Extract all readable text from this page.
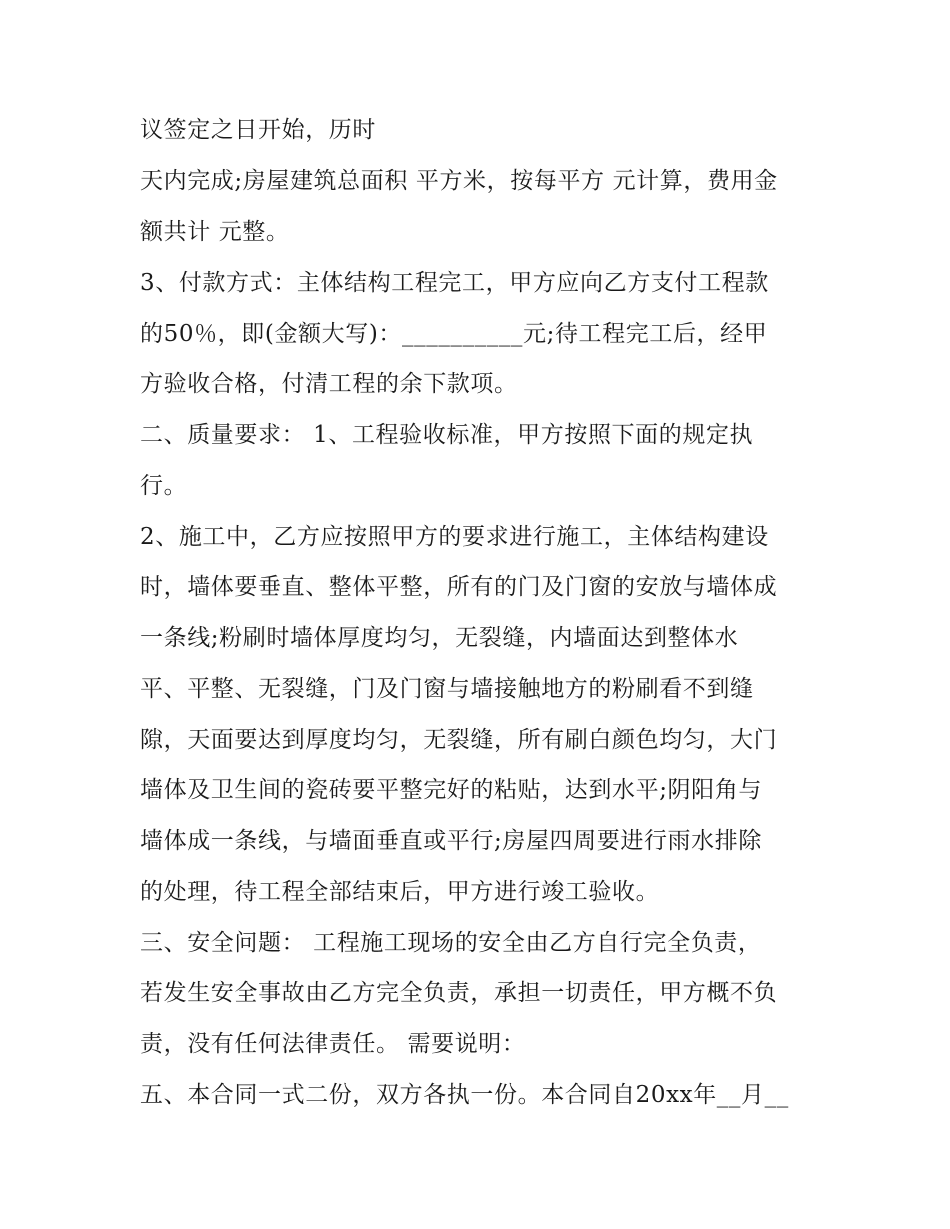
议签定之日开始，历时
天内完成;房屋建筑总面积 平方米，按每平方 元计算，费用金
额共计 元整。
3、付款方式：主体结构工程完工，甲方应向乙方支付工程款
的50％，即(金额大写)：__________元;待工程完工后，经甲
方验收合格，付清工程的余下款项。
二、质量要求： 1、工程验收标准，甲方按照下面的规定执
行。
2、施工中，乙方应按照甲方的要求进行施工，主体结构建设
时，墙体要垂直、整体平整，所有的门及门窗的安放与墙体成
一条线;粉刷时墙体厚度均匀，无裂缝，内墙面达到整体水
平、平整、无裂缝，门及门窗与墙接触地方的粉刷看不到缝
隙，天面要达到厚度均匀，无裂缝，所有刷白颜色均匀，大门
墙体及卫生间的瓷砖要平整完好的粘贴，达到水平;阴阳角与
墙体成一条线，与墙面垂直或平行;房屋四周要进行雨水排除
的处理，待工程全部结束后，甲方进行竣工验收。
三、安全问题： 工程施工现场的安全由乙方自行完全负责，
若发生安全事故由乙方完全负责，承担一切责任，甲方概不负
责，没有任何法律责任。 需要说明：
五、本合同一式二份，双方各执一份。本合同自20xx年__月__
